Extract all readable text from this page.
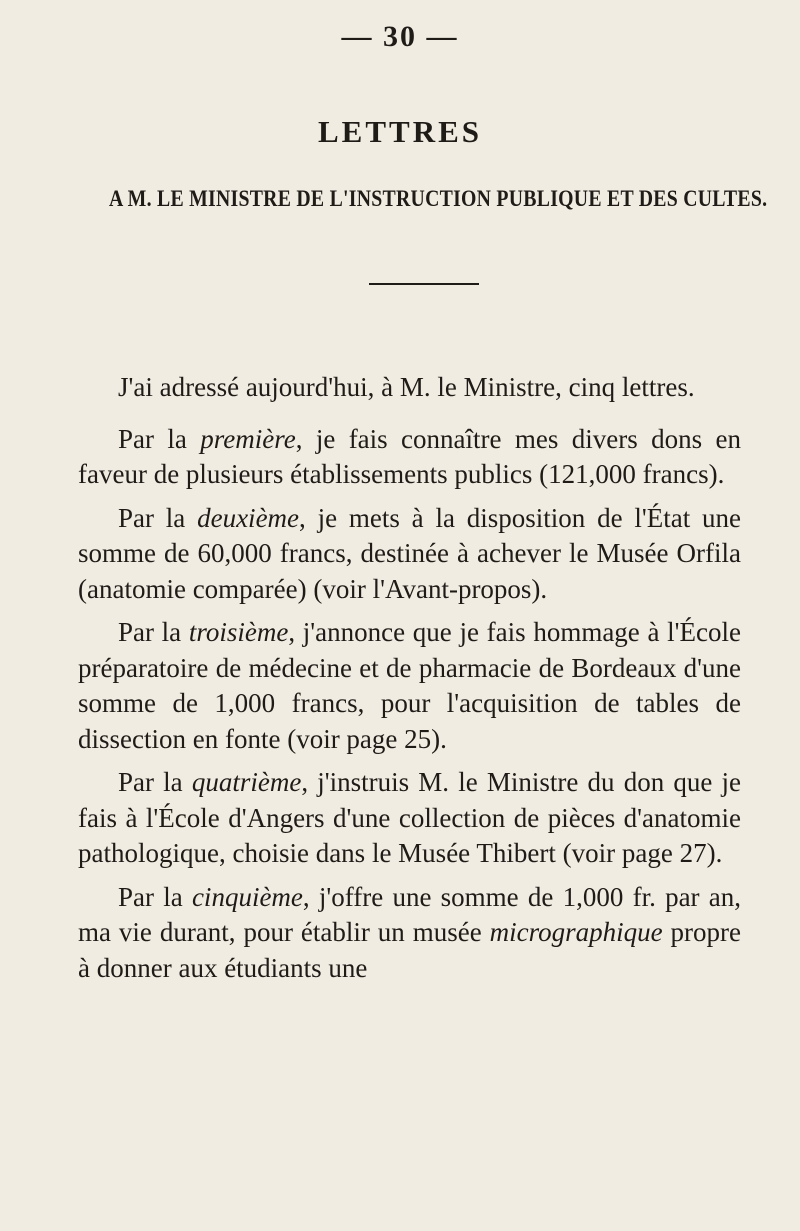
— 30 —
LETTRES
A M. LE MINISTRE DE L'INSTRUCTION PUBLIQUE ET DES CULTES.

J'ai adressé aujourd'hui, à M. le Ministre, cinq lettres.

Par la première, je fais connaître mes divers dons en faveur de plusieurs établissements publics (121,000 francs).

Par la deuxième, je mets à la disposition de l'État une somme de 60,000 francs, destinée à achever le Musée Orfila (anatomie comparée) (voir l'Avant-propos).

Par la troisième, j'annonce que je fais hommage à l'École préparatoire de médecine et de pharmacie de Bordeaux d'une somme de 1,000 francs, pour l'acquisition de tables de dissection en fonte (voir page 25).

Par la quatrième, j'instruis M. le Ministre du don que je fais à l'École d'Angers d'une collection de pièces d'anatomie pathologique, choisie dans le Musée Thibert (voir page 27).

Par la cinquième, j'offre une somme de 1,000 fr. par an, ma vie durant, pour établir un musée micrographique propre à donner aux étudiants une
